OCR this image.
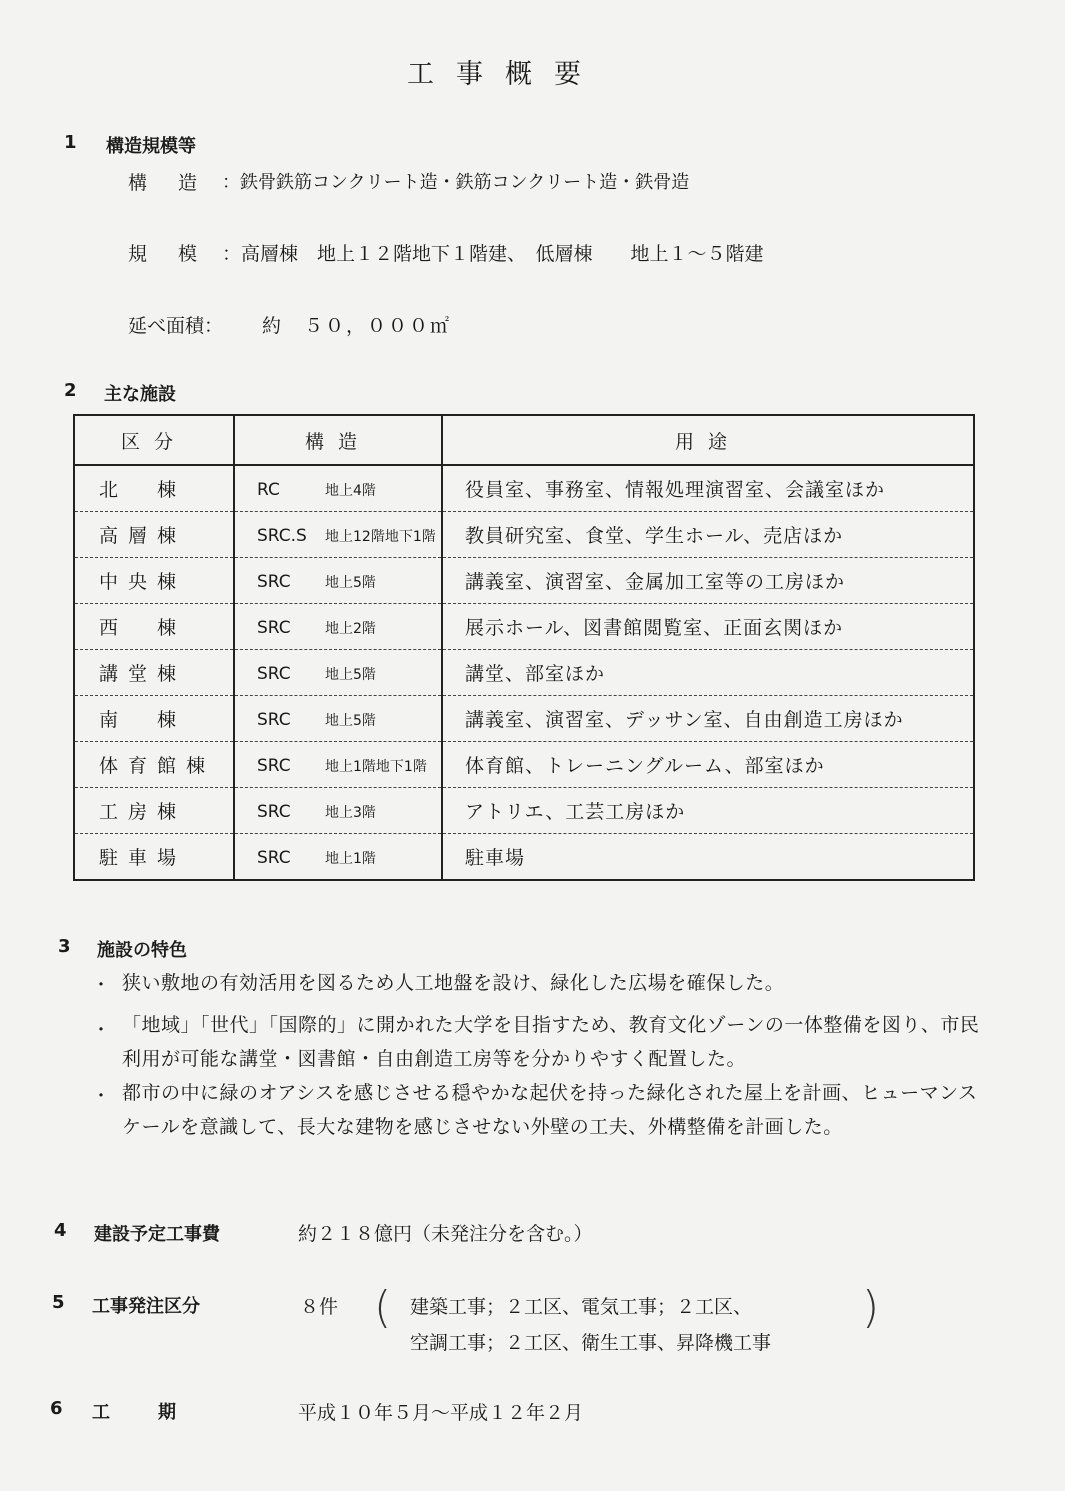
工事概要
1 構造規模等
構　造 ：鉄骨鉄筋コンクリート造・鉄筋コンクリート造・鉄骨造
規　模 ：高層棟　地上１２階地下１階建、　低層棟　　地上１～５階建
延べ面積： 約　５０，０００㎡
2 主な施設
区分	構造	用途
北　棟	RC 地上4階	役員室、事務室、情報処理演習室、会議室ほか
高層棟	SRC.S 地上12階地下1階	教員研究室、食堂、学生ホール、売店ほか
中央棟	SRC 地上5階	講義室、演習室、金属加工室等の工房ほか
西　棟	SRC 地上2階	展示ホール、図書館閲覧室、正面玄関ほか
講堂棟	SRC 地上5階	講堂、部室ほか
南　棟	SRC 地上5階	講義室、演習室、デッサン室、自由創造工房ほか
体育館棟	SRC 地上1階地下1階	体育館、トレーニングルーム、部室ほか
工房棟	SRC 地上3階	アトリエ、工芸工房ほか
駐車場	SRC 地上1階	駐車場
3 施設の特色
・ 狭い敷地の有効活用を図るため人工地盤を設け、緑化した広場を確保した。
・ 「地域」「世代」「国際的」に開かれた大学を目指すため、教育文化ゾーンの一体整備を図り、市民利用が可能な講堂・図書館・自由創造工房等を分かりやすく配置した。
・ 都市の中に緑のオアシスを感じさせる穏やかな起伏を持った緑化された屋上を計画、ヒューマンスケールを意識して、長大な建物を感じさせない外壁の工夫、外構整備を計画した。
4 建設予定工事費	約２１８億円（未発注分を含む。）
5 工事発注区分	８件 ( 建築工事；２工区、電気工事；２工区、
空調工事；２工区、衛生工事、昇降機工事
)
6 工　　期	平成１０年５月～平成１２年２月
